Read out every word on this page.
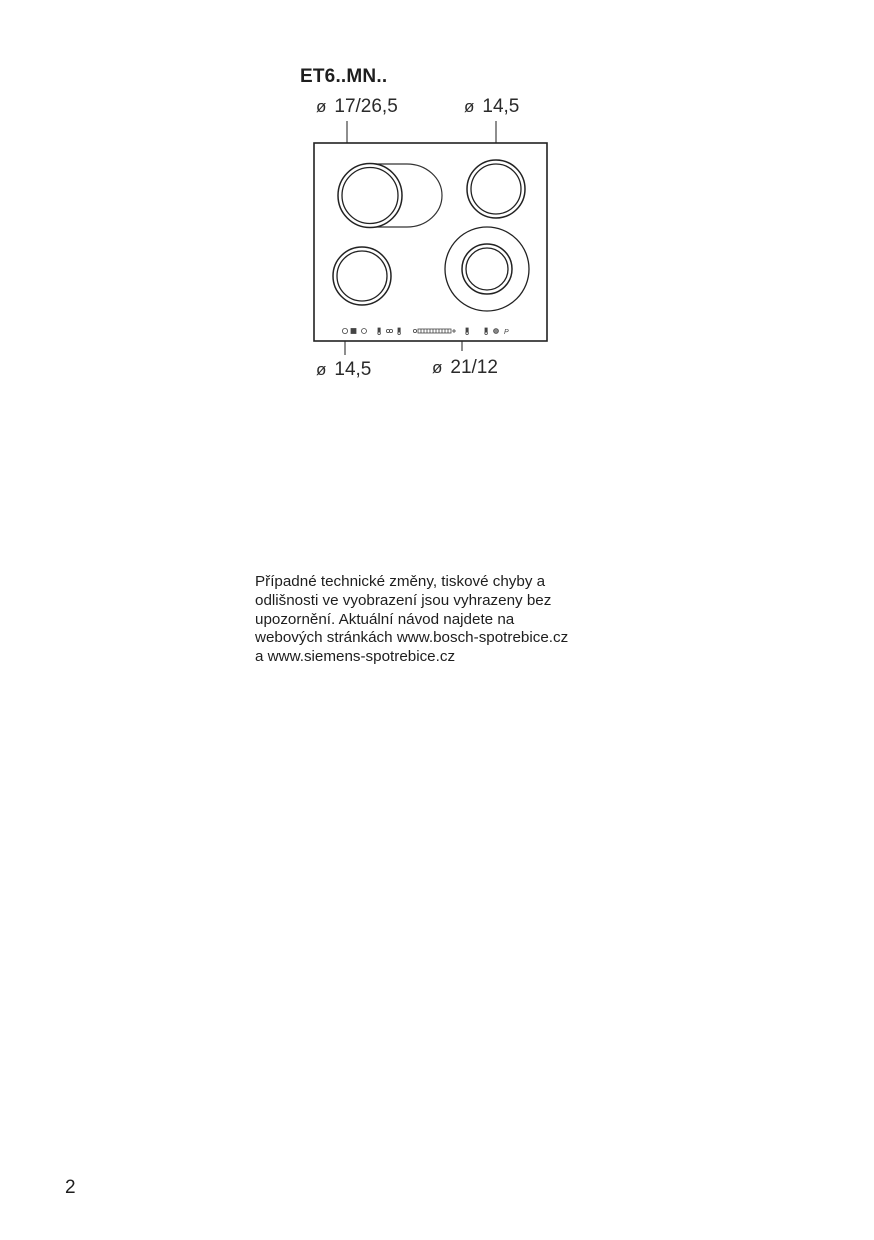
ET6..MN..
ø 17/26,5	ø 14,5
ø 14,5	ø 21/12
P
Případné technické změny, tiskové chyby a
odlišnosti ve vyobrazení jsou vyhrazeny bez
upozornění. Aktuální návod najdete na
webových stránkách www.bosch-spotrebice.cz
a www.siemens-spotrebice.cz
2
